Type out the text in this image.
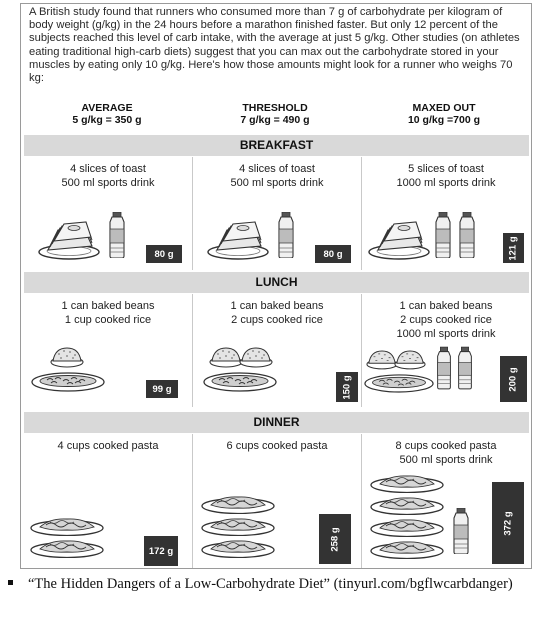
A British study found that runners who consumed more than 7 g of carbohydrate per kilogram of body weight (g/kg) in the 24 hours before a marathon finished faster. But only 12 percent of the subjects reached this level of carb intake, with the average at just 5 g/kg. Other studies (on athletes eating traditional high-carb diets) suggest that you can max out the carbohydrate stored in your muscles by eating only 10 g/kg. Here's how those amounts might look for a runner who weighs 70 kg:

AVERAGE
5 g/kg = 350 g
THRESHOLD
7 g/kg = 490 g
MAXED OUT
10 g/kg =700 g
BREAKFAST
4 slices of toast
500 ml sports drink
80 g
4 slices of toast
500 ml sports drink
80 g
5 slices of toast
1000 ml sports drink
121 g
LUNCH
1 can baked beans
1 cup cooked rice
99 g
1 can baked beans
2 cups cooked rice
150 g
1 can baked beans
2 cups cooked rice
1000 ml sports drink
200 g
DINNER
4 cups cooked pasta
172 g
6 cups cooked pasta
258 g
8 cups cooked pasta
500 ml sports drink
372 g

“The Hidden Dangers of a Low-Carbohydrate Diet” (tinyurl.com/bgflwcarbdanger)
